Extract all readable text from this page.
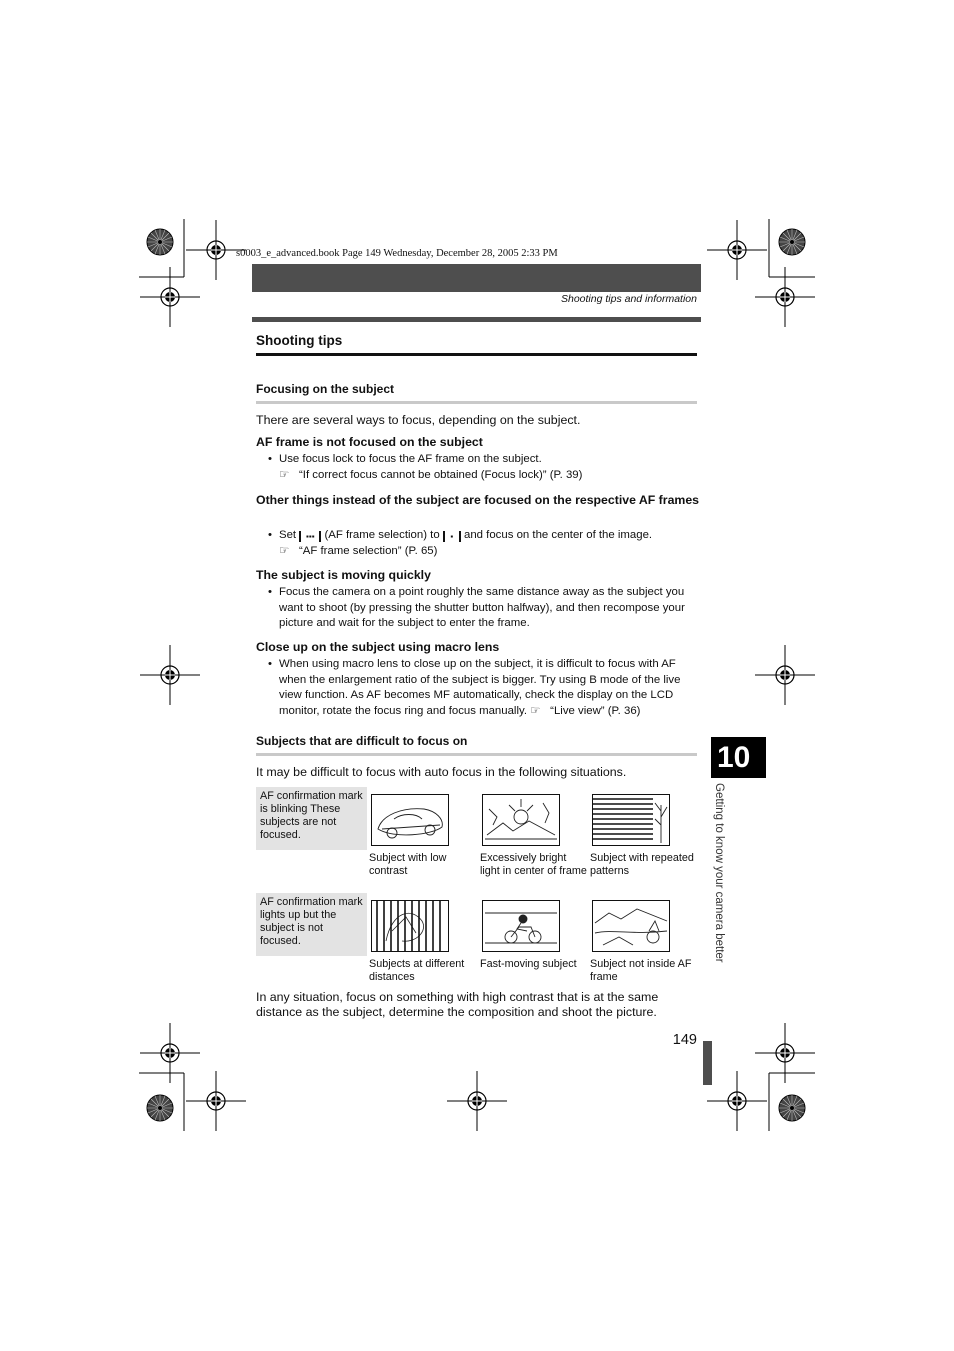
s0003_e_advanced.book Page 149 Wednesday, December 28, 2005 2:33 PM
Shooting tips and information
Shooting tips
Focusing on the subject
There are several ways to focus, depending on the subject.
AF frame is not focused on the subject
• Use focus lock to focus the AF frame on the subject.
☞ “If correct focus cannot be obtained (Focus lock)” (P. 39)
Other things instead of the subject are focused on the respective AF frames
• Set ▪▪▪ (AF frame selection) to ▪ and focus on the center of the image.
☞ “AF frame selection” (P. 65)
The subject is moving quickly
• Focus the camera on a point roughly the same distance away as the subject you want to shoot (by pressing the shutter button halfway), and then recompose your picture and wait for the subject to enter the frame.
Close up on the subject using macro lens
• When using macro lens to close up on the subject, it is difficult to focus with AF when the enlargement ratio of the subject is bigger. Try using B mode of the live view function. As AF becomes MF automatically, check the display on the LCD monitor, rotate the focus ring and focus manually. ☞ “Live view” (P. 36)
Subjects that are difficult to focus on
It may be difficult to focus with auto focus in the following situations.
AF confirmation mark is blinking These subjects are not focused.
Subject with low contrast
Excessively bright light in center of frame
Subject with repeated patterns
AF confirmation mark lights up but the subject is not focused.
Subjects at different distances
Fast-moving subject	Subject not inside AF frame
In any situation, focus on something with high contrast that is at the same distance as the subject, determine the composition and shoot the picture.
10
Getting to know your camera better
149
